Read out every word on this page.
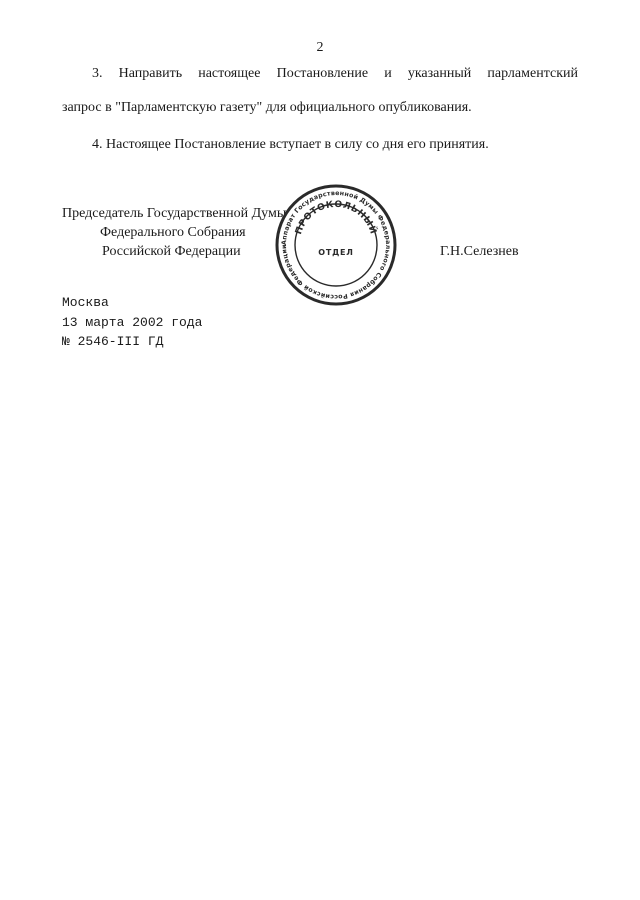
2
3. Направить настоящее Постановление и указанный парламентский
запрос в "Парламентскую газету" для официального опубликования.
4. Настоящее Постановление вступает в силу со дня его принятия.
Председатель Государственной Думы
Федерального Собрания
Российской Федерации
Аппарат Государственной Думы Федерального Собрания Российской Федерации
ПРОТОКОЛЬНЫЙ
ОТДЕЛ	Г.Н.Селезнев
Москва
13 марта 2002 года
№ 2546-III ГД
